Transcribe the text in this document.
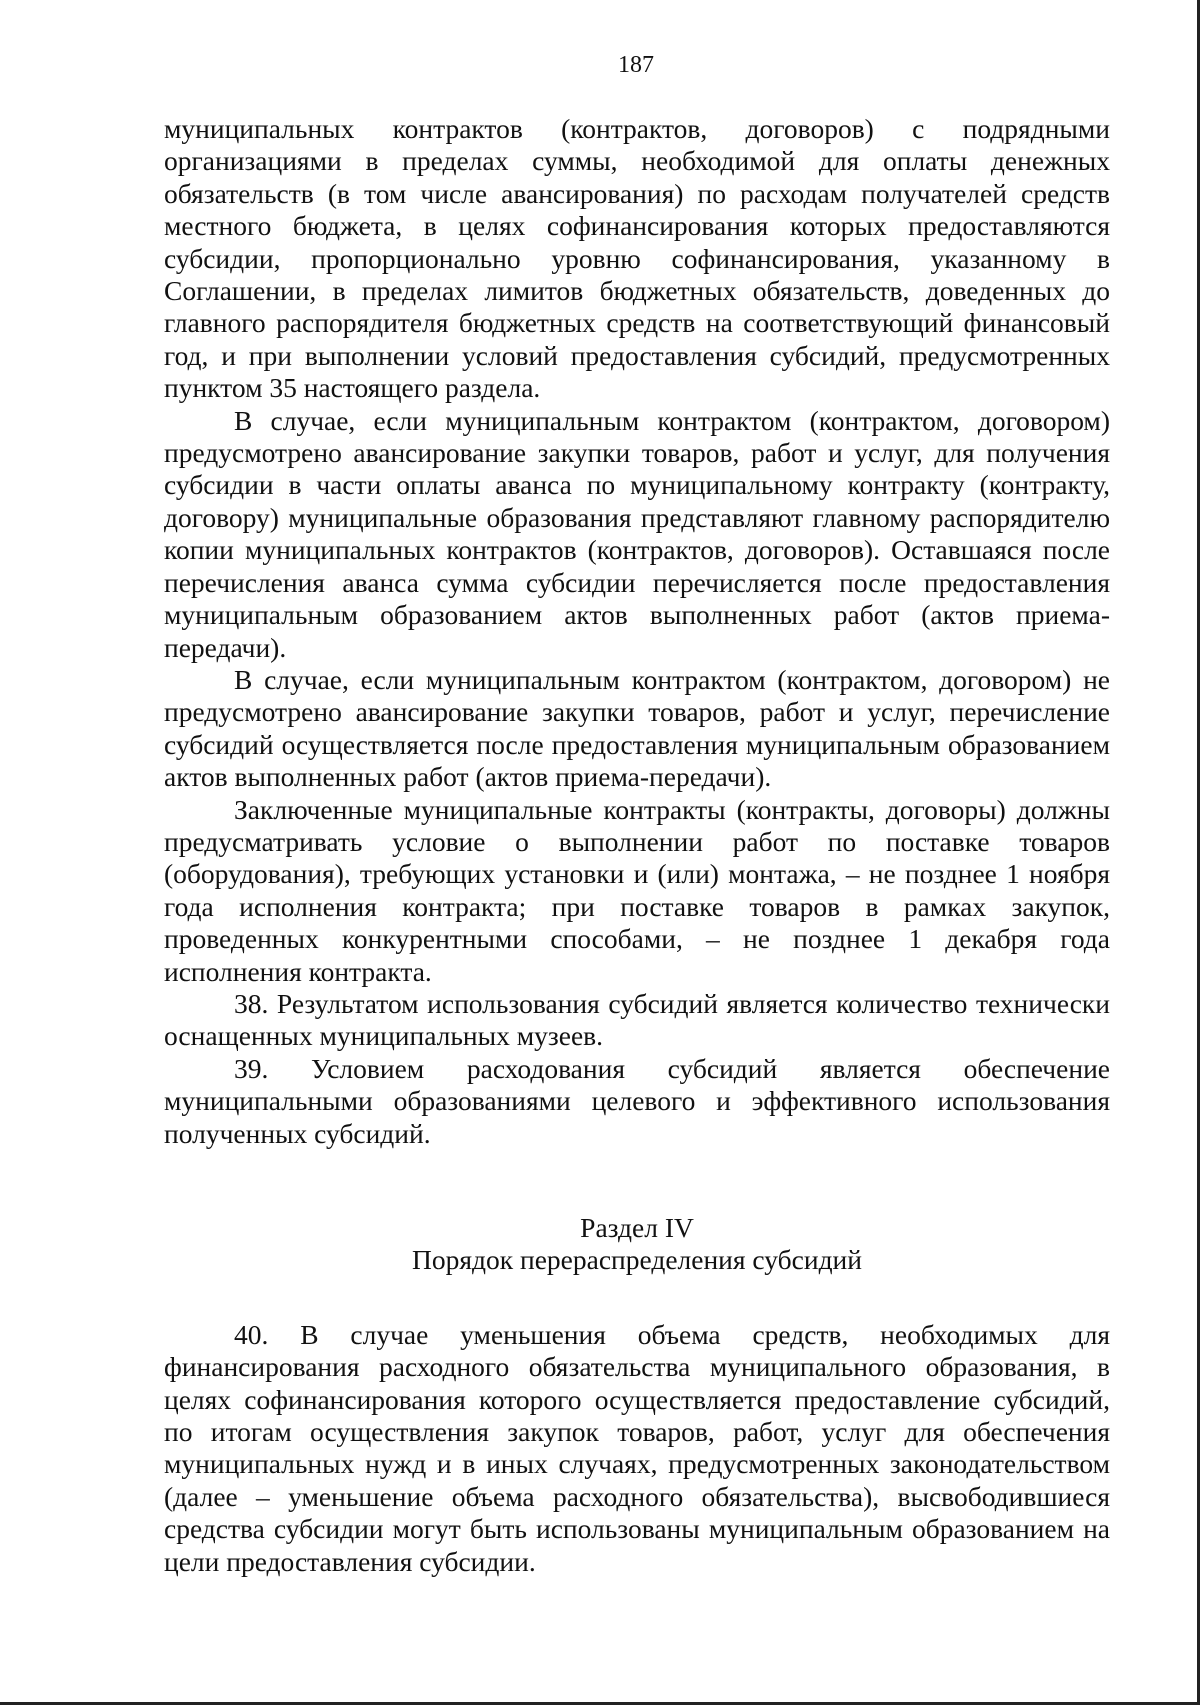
187

муниципальных контрактов (контрактов, договоров) с подрядными организациями в пределах суммы, необходимой для оплаты денежных обязательств (в том числе авансирования) по расходам получателей средств местного бюджета, в целях софинансирования которых предоставляются субсидии, пропорционально уровню софинансирования, указанному в Соглашении, в пределах лимитов бюджетных обязательств, доведенных до главного распорядителя бюджетных средств на соответствующий финансовый год, и при выполнении условий предоставления субсидий, предусмотренных пунктом 35 настоящего раздела.

В случае, если муниципальным контрактом (контрактом, договором) предусмотрено авансирование закупки товаров, работ и услуг, для получения субсидии в части оплаты аванса по муниципальному контракту (контракту, договору) муниципальные образования представляют главному распорядителю копии муниципальных контрактов (контрактов, договоров). Оставшаяся после перечисления аванса сумма субсидии перечисляется после предоставления муниципальным образованием актов выполненных работ (актов приема-передачи).

В случае, если муниципальным контрактом (контрактом, договором) не предусмотрено авансирование закупки товаров, работ и услуг, перечисление субсидий осуществляется после предоставления муниципальным образованием актов выполненных работ (актов приема-передачи).

Заключенные муниципальные контракты (контракты, договоры) должны предусматривать условие о выполнении работ по поставке товаров (оборудования), требующих установки и (или) монтажа, – не позднее 1 ноября года исполнения контракта; при поставке товаров в рамках закупок, проведенных конкурентными способами, – не позднее 1 декабря года исполнения контракта.

38. Результатом использования субсидий является количество технически оснащенных муниципальных музеев.

39. Условием расходования субсидий является обеспечение муниципальными образованиями целевого и эффективного использования полученных субсидий.

Раздел IV

Порядок перераспределения субсидий

40. В случае уменьшения объема средств, необходимых для финансирования расходного обязательства муниципального образования, в целях софинансирования которого осуществляется предоставление субсидий, по итогам осуществления закупок товаров, работ, услуг для обеспечения муниципальных нужд и в иных случаях, предусмотренных законодательством (далее – уменьшение объема расходного обязательства), высвободившиеся средства субсидии могут быть использованы муниципальным образованием на цели предоставления субсидии.
